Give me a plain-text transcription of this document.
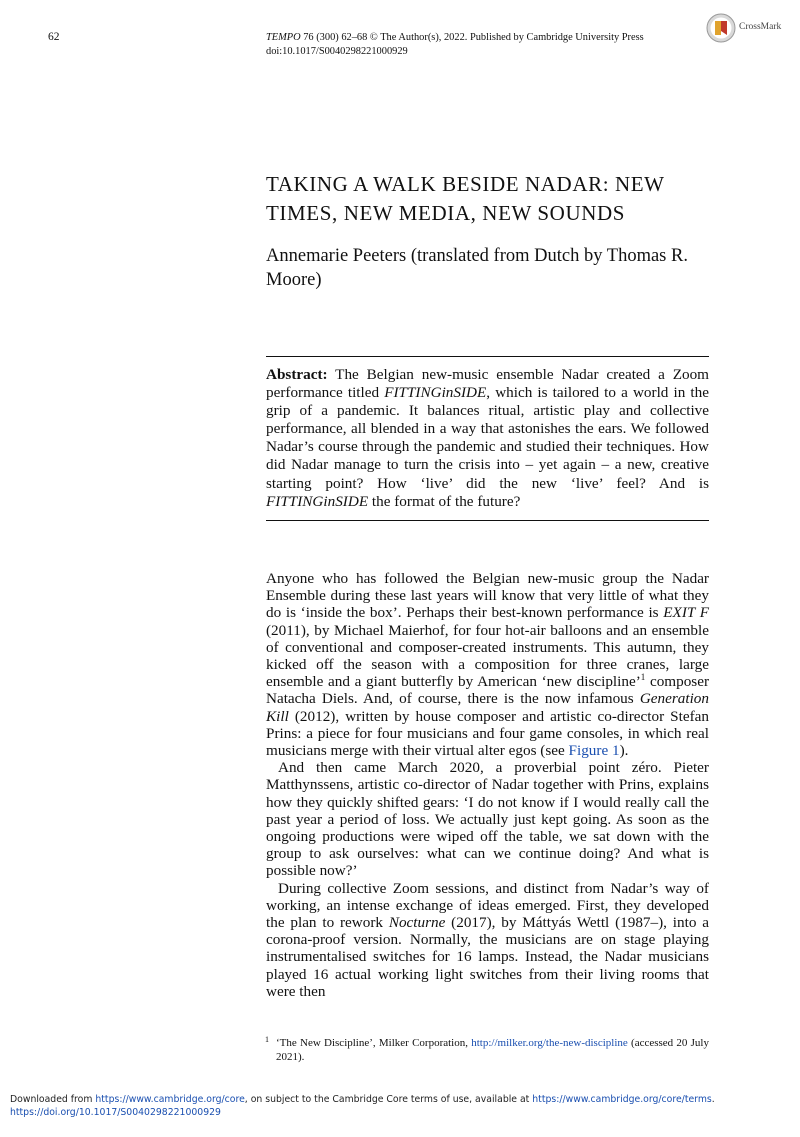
62	TEMPO 76 (300) 62–68 © The Author(s), 2022. Published by Cambridge University Press
doi:10.1017/S0040298221000929
CrossMark
TAKING A WALK BESIDE NADAR: NEW TIMES, NEW MEDIA, NEW SOUNDS
Annemarie Peeters (translated from Dutch by Thomas R. Moore)
Abstract: The Belgian new-music ensemble Nadar created a Zoom performance titled FITTINGinSIDE, which is tailored to a world in the grip of a pandemic. It balances ritual, artistic play and collective performance, all blended in a way that astonishes the ears. We followed Nadar’s course through the pandemic and studied their techniques. How did Nadar manage to turn the crisis into – yet again – a new, creative starting point? How ‘live’ did the new ‘live’ feel? And is FITTINGinSIDE the format of the future?

Anyone who has followed the Belgian new-music group the Nadar Ensemble during these last years will know that very little of what they do is ‘inside the box’. Perhaps their best-known performance is EXIT F (2011), by Michael Maierhof, for four hot-air balloons and an ensemble of conventional and composer-created instruments. This autumn, they kicked off the season with a composition for three cranes, large ensemble and a giant butterfly by American ‘new discipline’$^1$ composer Natacha Diels. And, of course, there is the now infamous Generation Kill (2012), written by house composer and artistic co-director Stefan Prins: a piece for four musicians and four game consoles, in which real musicians merge with their virtual alter egos (see Figure 1).

And then came March 2020, a proverbial point zéro. Pieter Matthynssens, artistic co-director of Nadar together with Prins, explains how they quickly shifted gears: ‘I do not know if I would really call the past year a period of loss. We actually just kept going. As soon as the ongoing productions were wiped off the table, we sat down with the group to ask ourselves: what can we continue doing? And what is possible now?’

During collective Zoom sessions, and distinct from Nadar’s way of working, an intense exchange of ideas emerged. First, they developed the plan to rework Nocturne (2017), by Máttyás Wettl (1987–), into a corona-proof version. Normally, the musicians are on stage playing instrumentalised switches for 16 lamps. Instead, the Nadar musicians played 16 actual working light switches from their living rooms that were then

1 ‘The New Discipline’, Milker Corporation, http://milker.org/the-new-discipline (accessed 20 July 2021).
Downloaded from https://www.cambridge.org/core, on subject to the Cambridge Core terms of use, available at https://www.cambridge.org/core/terms.
https://doi.org/10.1017/S0040298221000929
